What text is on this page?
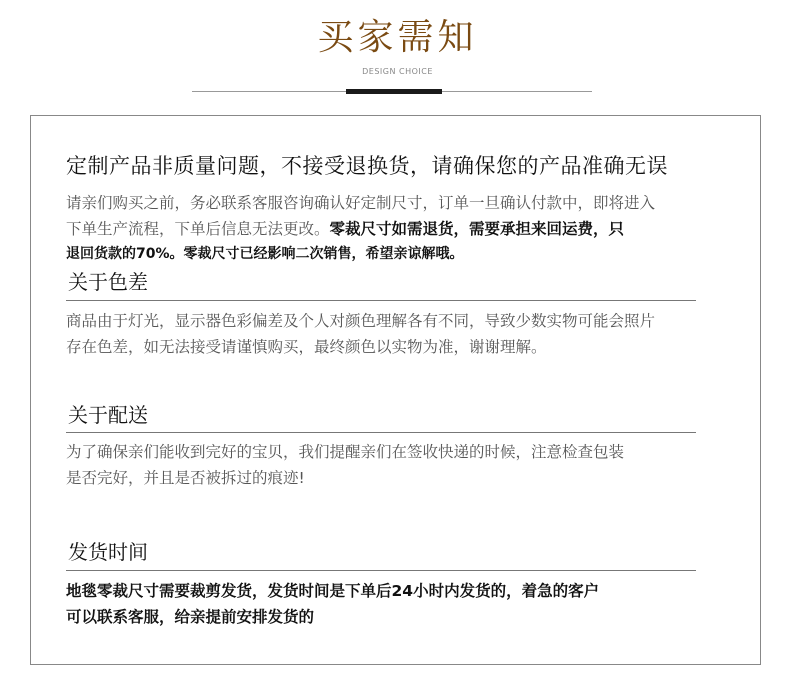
买家需知
DESIGN CHOICE
定制产品非质量问题，不接受退换货，请确保您的产品准确无误
请亲们购买之前，务必联系客服咨询确认好定制尺寸，订单一旦确认付款中，即将进入
下单生产流程，下单后信息无法更改。零裁尺寸如需退货，需要承担来回运费，只
退回货款的70%。零裁尺寸已经影响二次销售，希望亲谅解哦。
关于色差
商品由于灯光，显示器色彩偏差及个人对颜色理解各有不同，导致少数实物可能会照片
存在色差，如无法接受请谨慎购买，最终颜色以实物为准，谢谢理解。
关于配送
为了确保亲们能收到完好的宝贝，我们提醒亲们在签收快递的时候，注意检查包装
是否完好，并且是否被拆过的痕迹!
发货时间
地毯零裁尺寸需要裁剪发货，发货时间是下单后24小时内发货的，着急的客户
可以联系客服，给亲提前安排发货的
